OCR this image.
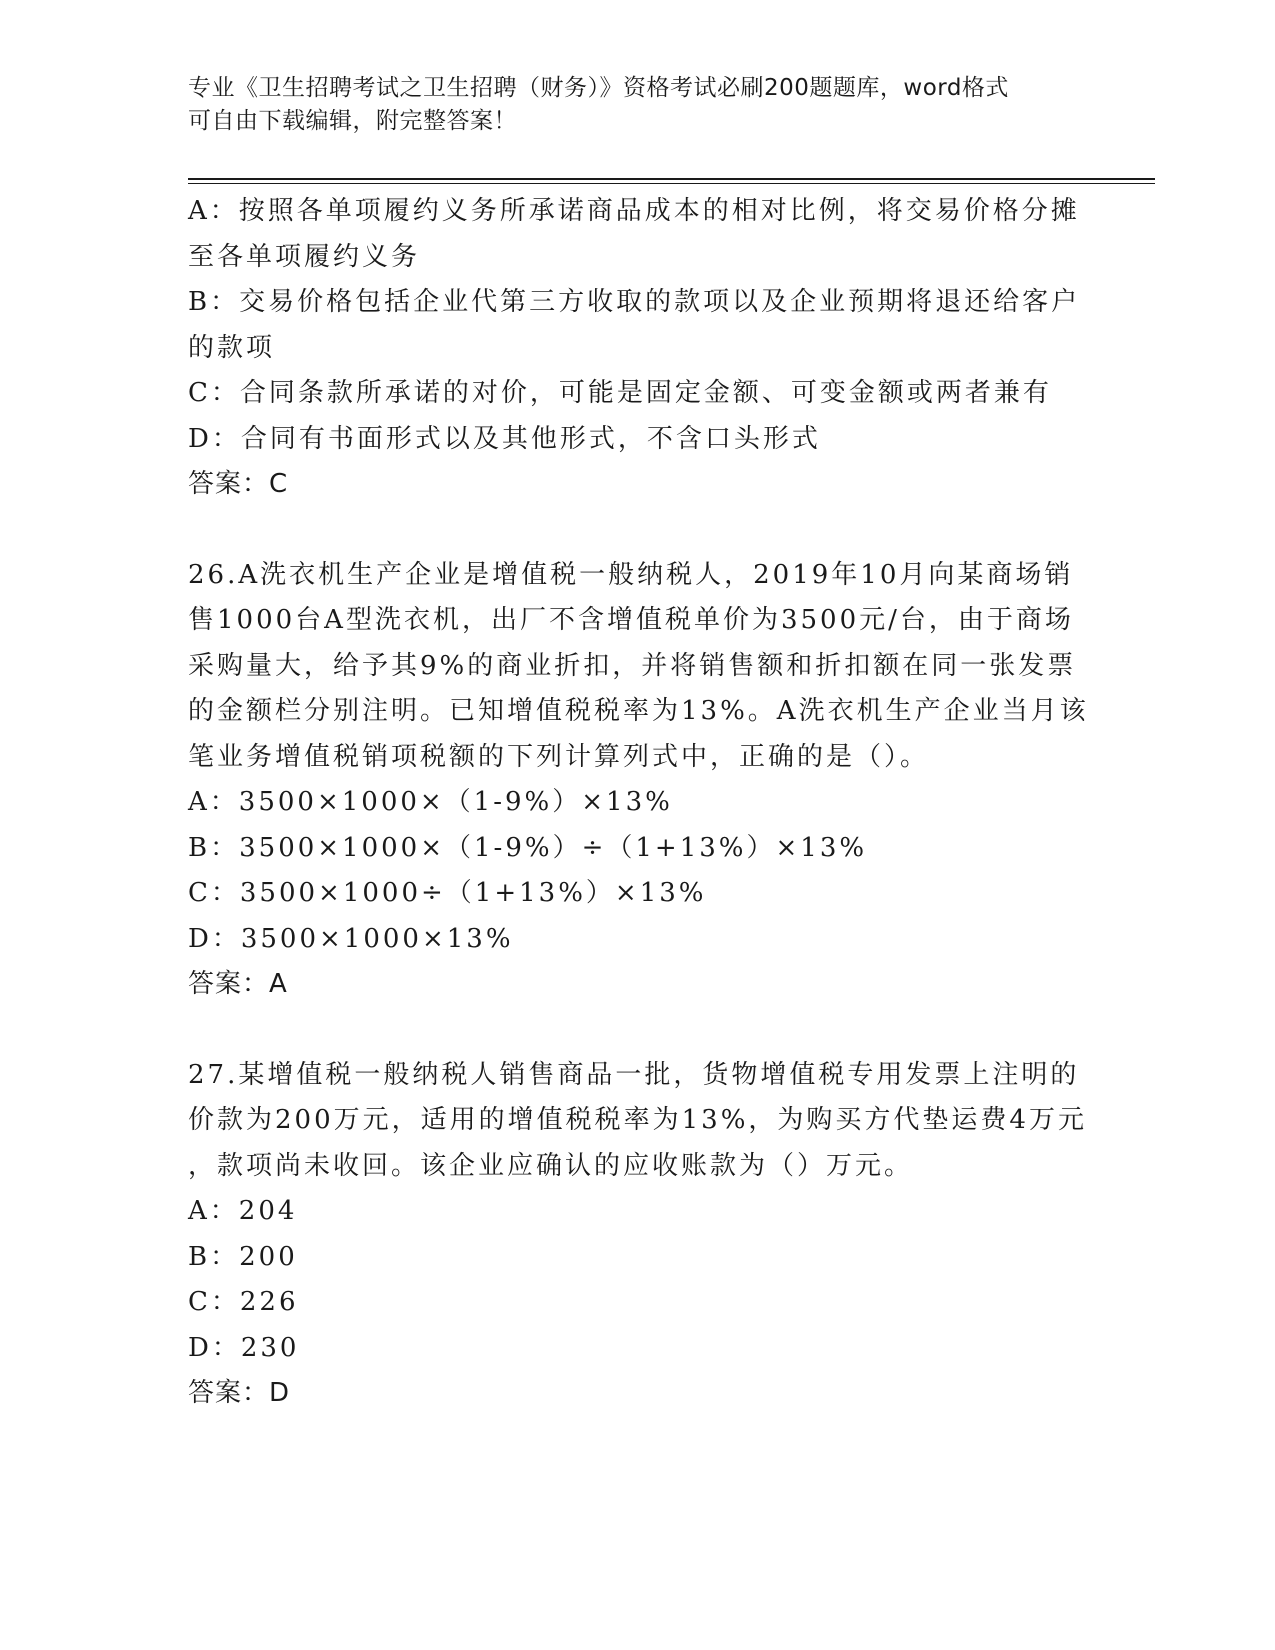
专业《卫生招聘考试之卫生招聘（财务）》资格考试必刷200题题库，word格式
可自由下载编辑，附完整答案！
A：按照各单项履约义务所承诺商品成本的相对比例，将交易价格分摊
至各单项履约义务
B：交易价格包括企业代第三方收取的款项以及企业预期将退还给客户
的款项
C：合同条款所承诺的对价，可能是固定金额、可变金额或两者兼有
D：合同有书面形式以及其他形式，不含口头形式
答案：C
26.A洗衣机生产企业是增值税一般纳税人，2019年10月向某商场销
售1000台A型洗衣机，出厂不含增值税单价为3500元/台，由于商场
采购量大，给予其9%的商业折扣，并将销售额和折扣额在同一张发票
的金额栏分别注明。已知增值税税率为13%。A洗衣机生产企业当月该
笔业务增值税销项税额的下列计算列式中，正确的是（）。
A：3500×1000×（1-9%）×13%
B：3500×1000×（1-9%）÷（1+13%）×13%
C：3500×1000÷（1+13%）×13%
D：3500×1000×13%
答案：A
27.某增值税一般纳税人销售商品一批，货物增值税专用发票上注明的
价款为200万元，适用的增值税税率为13%，为购买方代垫运费4万元
，款项尚未收回。该企业应确认的应收账款为（）万元。
A：204
B：200
C：226
D：230
答案：D
